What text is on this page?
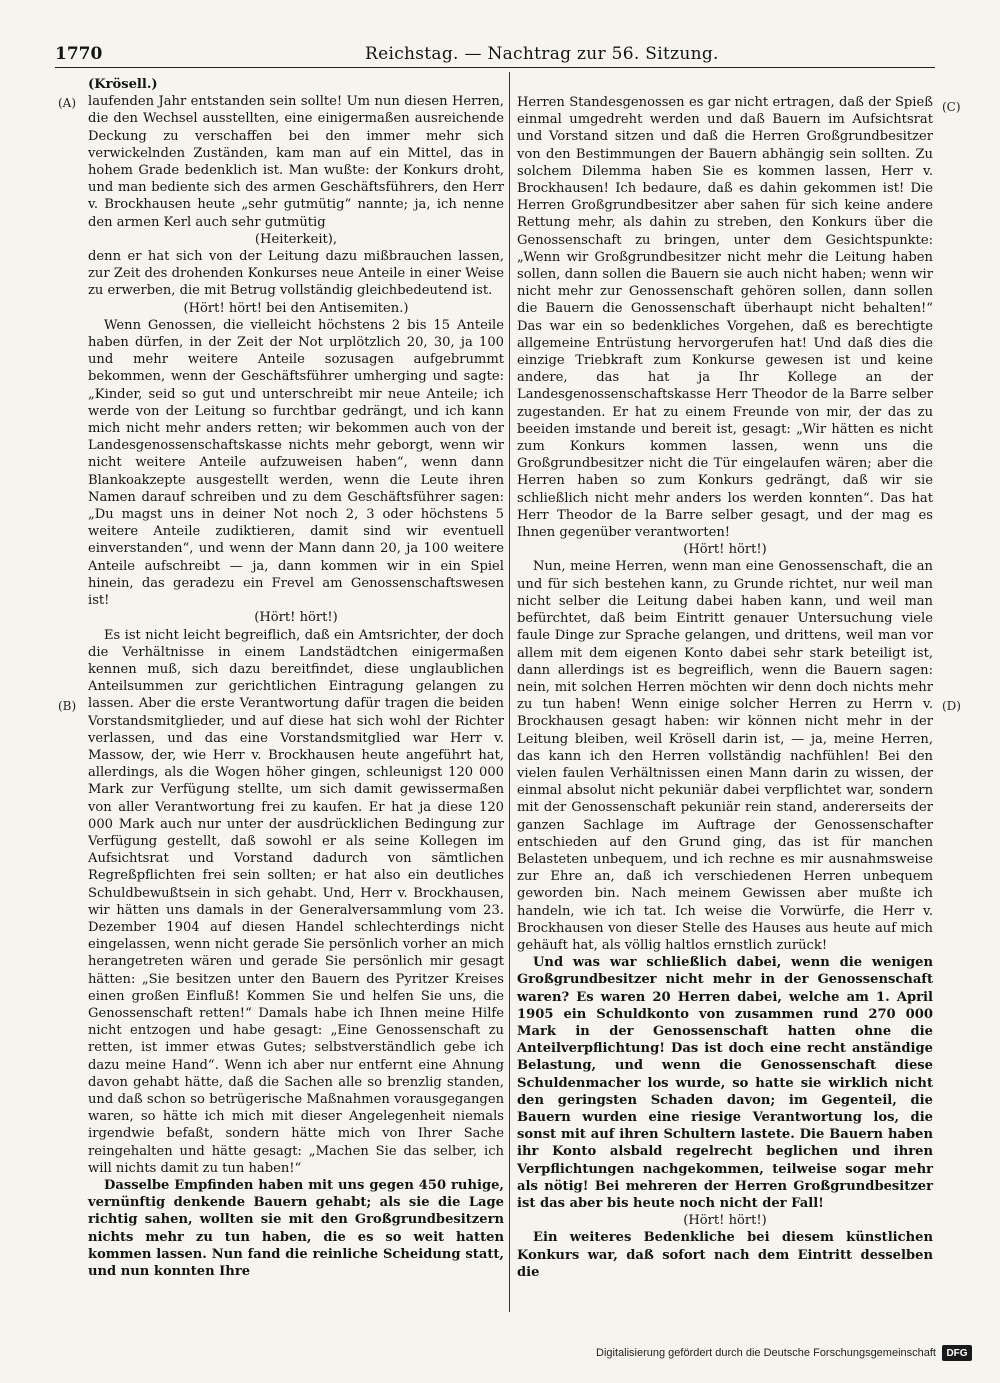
1770	Reichstag. — Nachtrag zur 56. Sitzung.
(A)
(B)
(C)
(D)

(Krösell.)

laufenden Jahr entstanden sein sollte! Um nun diesen Herren, die den Wechsel ausstellten, eine einigermaßen ausreichende Deckung zu verschaffen bei den immer mehr sich verwickelnden Zuständen, kam man auf ein Mittel, das in hohem Grade bedenklich ist. Man wußte: der Konkurs droht, und man bediente sich des armen Geschäftsführers, den Herr v. Brockhausen heute „sehr gutmütig“ nannte; ja, ich nenne den armen Kerl auch sehr gutmütig

(Heiterkeit),

denn er hat sich von der Leitung dazu mißbrauchen lassen, zur Zeit des drohenden Konkurses neue Anteile in einer Weise zu erwerben, die mit Betrug vollständig gleichbedeutend ist.

(Hört! hört! bei den Antisemiten.)

Wenn Genossen, die vielleicht höchstens 2 bis 15 Anteile haben dürfen, in der Zeit der Not urplötzlich 20, 30, ja 100 und mehr weitere Anteile sozusagen aufgebrummt bekommen, wenn der Geschäftsführer umherging und sagte: „Kinder, seid so gut und unterschreibt mir neue Anteile; ich werde von der Leitung so furchtbar gedrängt, und ich kann mich nicht mehr anders retten; wir bekommen auch von der Landesgenossenschaftskasse nichts mehr geborgt, wenn wir nicht weitere Anteile aufzuweisen haben“, wenn dann Blankoakzepte ausgestellt werden, wenn die Leute ihren Namen darauf schreiben und zu dem Geschäftsführer sagen: „Du magst uns in deiner Not noch 2, 3 oder höchstens 5 weitere Anteile zudiktieren, damit sind wir eventuell einverstanden“, und wenn der Mann dann 20, ja 100 weitere Anteile aufschreibt — ja, dann kommen wir in ein Spiel hinein, das geradezu ein Frevel am Genossenschaftswesen ist!

(Hört! hört!)

Es ist nicht leicht begreiflich, daß ein Amtsrichter, der doch die Verhältnisse in einem Landstädtchen einigermaßen kennen muß, sich dazu bereitfindet, diese unglaublichen Anteilsummen zur gerichtlichen Eintragung gelangen zu lassen. Aber die erste Verantwortung dafür tragen die beiden Vorstandsmitglieder, und auf diese hat sich wohl der Richter verlassen, und das eine Vorstandsmitglied war Herr v. Massow, der, wie Herr v. Brockhausen heute angeführt hat, allerdings, als die Wogen höher gingen, schleunigst 120 000 Mark zur Verfügung stellte, um sich damit gewissermaßen von aller Verantwortung frei zu kaufen. Er hat ja diese 120 000 Mark auch nur unter der ausdrücklichen Bedingung zur Verfügung gestellt, daß sowohl er als seine Kollegen im Aufsichtsrat und Vorstand dadurch von sämtlichen Regreßpflichten frei sein sollten; er hat also ein deutliches Schuldbewußtsein in sich gehabt. Und, Herr v. Brockhausen, wir hätten uns damals in der Generalversammlung vom 23. Dezember 1904 auf diesen Handel schlechterdings nicht eingelassen, wenn nicht gerade Sie persönlich vorher an mich herangetreten wären und gerade Sie persönlich mir gesagt hätten: „Sie besitzen unter den Bauern des Pyritzer Kreises einen großen Einfluß! Kommen Sie und helfen Sie uns, die Genossenschaft retten!“ Damals habe ich Ihnen meine Hilfe nicht entzogen und habe gesagt: „Eine Genossenschaft zu retten, ist immer etwas Gutes; selbstverständlich gebe ich dazu meine Hand“. Wenn ich aber nur entfernt eine Ahnung davon gehabt hätte, daß die Sachen alle so brenzlig standen, und daß schon so betrügerische Maßnahmen vorausgegangen waren, so hätte ich mich mit dieser Angelegenheit niemals irgendwie befaßt, sondern hätte mich von Ihrer Sache reingehalten und hätte gesagt: „Machen Sie das selber, ich will nichts damit zu tun haben!“

Dasselbe Empfinden haben mit uns gegen 450 ruhige, vernünftig denkende Bauern gehabt; als sie die Lage richtig sahen, wollten sie mit den Großgrundbesitzern nichts mehr zu tun haben, die es so weit hatten kommen lassen. Nun fand die reinliche Scheidung statt, und nun konnten Ihre

Herren Standesgenossen es gar nicht ertragen, daß der Spieß einmal umgedreht werden und daß Bauern im Aufsichtsrat und Vorstand sitzen und daß die Herren Großgrundbesitzer von den Bestimmungen der Bauern abhängig sein sollten. Zu solchem Dilemma haben Sie es kommen lassen, Herr v. Brockhausen! Ich bedaure, daß es dahin gekommen ist! Die Herren Großgrundbesitzer aber sahen für sich keine andere Rettung mehr, als dahin zu streben, den Konkurs über die Genossenschaft zu bringen, unter dem Gesichtspunkte: „Wenn wir Großgrundbesitzer nicht mehr die Leitung haben sollen, dann sollen die Bauern sie auch nicht haben; wenn wir nicht mehr zur Genossenschaft gehören sollen, dann sollen die Bauern die Genossenschaft überhaupt nicht behalten!“ Das war ein so bedenkliches Vorgehen, daß es berechtigte allgemeine Entrüstung hervorgerufen hat! Und daß dies die einzige Triebkraft zum Konkurse gewesen ist und keine andere, das hat ja Ihr Kollege an der Landesgenossenschaftskasse Herr Theodor de la Barre selber zugestanden. Er hat zu einem Freunde von mir, der das zu beeiden imstande und bereit ist, gesagt: „Wir hätten es nicht zum Konkurs kommen lassen, wenn uns die Großgrundbesitzer nicht die Tür eingelaufen wären; aber die Herren haben so zum Konkurs gedrängt, daß wir sie schließlich nicht mehr anders los werden konnten“. Das hat Herr Theodor de la Barre selber gesagt, und der mag es Ihnen gegenüber verantworten!

(Hört! hört!)

Nun, meine Herren, wenn man eine Genossenschaft, die an und für sich bestehen kann, zu Grunde richtet, nur weil man nicht selber die Leitung dabei haben kann, und weil man befürchtet, daß beim Eintritt genauer Untersuchung viele faule Dinge zur Sprache gelangen, und drittens, weil man vor allem mit dem eigenen Konto dabei sehr stark beteiligt ist, dann allerdings ist es begreiflich, wenn die Bauern sagen: nein, mit solchen Herren möchten wir denn doch nichts mehr zu tun haben! Wenn einige solcher Herren zu Herrn v. Brockhausen gesagt haben: wir können nicht mehr in der Leitung bleiben, weil Krösell darin ist, — ja, meine Herren, das kann ich den Herren vollständig nachfühlen! Bei den vielen faulen Verhältnissen einen Mann darin zu wissen, der einmal absolut nicht pekuniär dabei verpflichtet war, sondern mit der Genossenschaft pekuniär rein stand, andererseits der ganzen Sachlage im Auftrage der Genossenschafter entschieden auf den Grund ging, das ist für manchen Belasteten unbequem, und ich rechne es mir ausnahmsweise zur Ehre an, daß ich verschiedenen Herren unbequem geworden bin. Nach meinem Gewissen aber mußte ich handeln, wie ich tat. Ich weise die Vorwürfe, die Herr v. Brockhausen von dieser Stelle des Hauses aus heute auf mich gehäuft hat, als völlig haltlos ernstlich zurück!

Und was war schließlich dabei, wenn die wenigen Großgrundbesitzer nicht mehr in der Genossenschaft waren? Es waren 20 Herren dabei, welche am 1. April 1905 ein Schuldkonto von zusammen rund 270 000 Mark in der Genossenschaft hatten ohne die Anteilverpflichtung! Das ist doch eine recht anständige Belastung, und wenn die Genossenschaft diese Schuldenmacher los wurde, so hatte sie wirklich nicht den geringsten Schaden davon; im Gegenteil, die Bauern wurden eine riesige Verantwortung los, die sonst mit auf ihren Schultern lastete. Die Bauern haben ihr Konto alsbald regelrecht beglichen und ihren Verpflichtungen nachgekommen, teilweise sogar mehr als nötig! Bei mehreren der Herren Großgrundbesitzer ist das aber bis heute noch nicht der Fall!

(Hört! hört!)

Ein weiteres Bedenkliche bei diesem künstlichen Konkurs war, daß sofort nach dem Eintritt desselben die

Digitalisierung gefördert durch die Deutsche Forschungsgemeinschaft	DFG
